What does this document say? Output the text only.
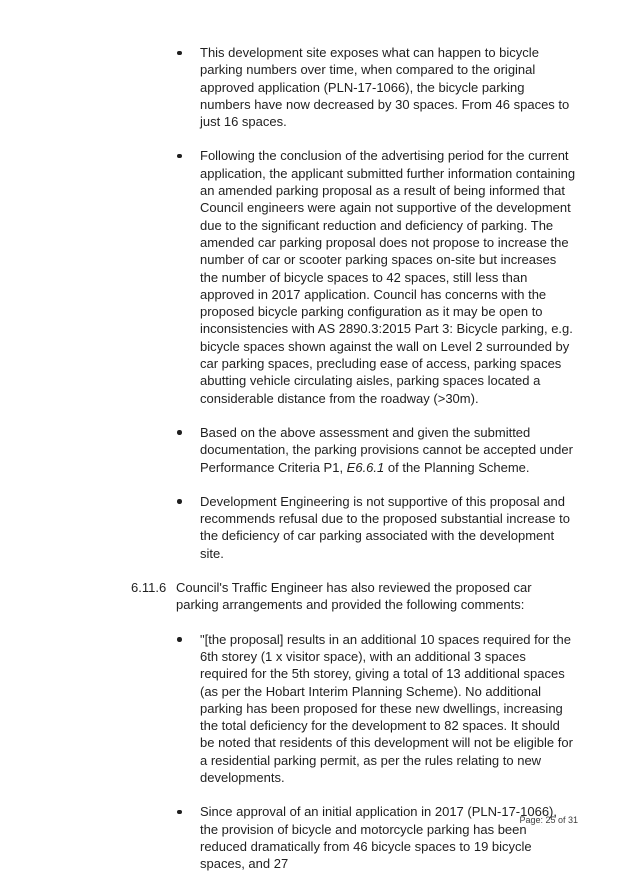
This development site exposes what can happen to bicycle parking numbers over time, when compared to the original approved application (PLN-17-1066), the bicycle parking numbers have now decreased by 30 spaces. From 46 spaces to just 16 spaces.

Following the conclusion of the advertising period for the current application, the applicant submitted further information containing an amended parking proposal as a result of being informed that Council engineers were again not supportive of the development due to the significant reduction and deficiency of parking. The amended car parking proposal does not propose to increase the number of car or scooter parking spaces on-site but increases the number of bicycle spaces to 42 spaces, still less than approved in 2017 application. Council has concerns with the proposed bicycle parking configuration as it may be open to inconsistencies with AS 2890.3:2015 Part 3: Bicycle parking, e.g. bicycle spaces shown against the wall on Level 2 surrounded by car parking spaces, precluding ease of access, parking spaces abutting vehicle circulating aisles, parking spaces located a considerable distance from the roadway (>30m).

Based on the above assessment and given the submitted documentation, the parking provisions cannot be accepted under Performance Criteria P1, E6.6.1 of the Planning Scheme.

Development Engineering is not supportive of this proposal and recommends refusal due to the proposed substantial increase to the deficiency of car parking associated with the development site.

6.11.6 Council's Traffic Engineer has also reviewed the proposed car parking arrangements and provided the following comments:

"[the proposal] results in an additional 10 spaces required for the 6th storey (1 x visitor space), with an additional 3 spaces required for the 5th storey, giving a total of 13 additional spaces (as per the Hobart Interim Planning Scheme). No additional parking has been proposed for these new dwellings, increasing the total deficiency for the development to 82 spaces. It should be noted that residents of this development will not be eligible for a residential parking permit, as per the rules relating to new developments.

Since approval of an initial application in 2017 (PLN-17-1066), the provision of bicycle and motorcycle parking has been reduced dramatically from 46 bicycle spaces to 19 bicycle spaces, and 27

Page: 25 of 31
